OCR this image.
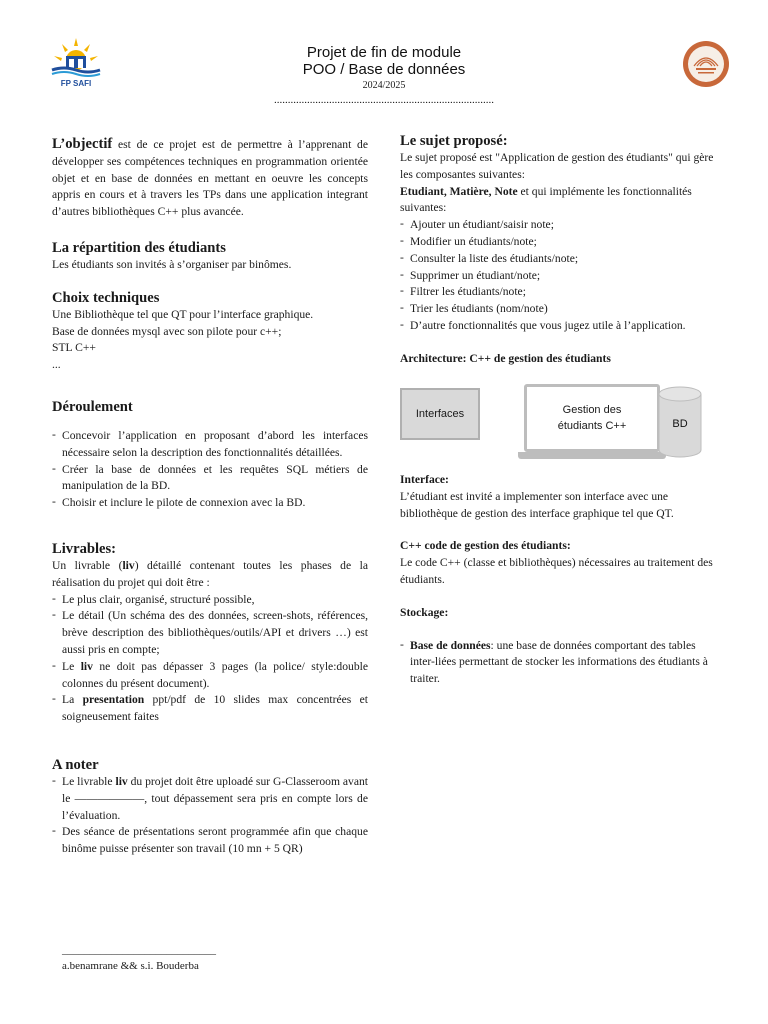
FP SAFI
Projet de fin de module
POO / Base de données
2024/2025
................................................................................
L’objectif est de ce projet est de permettre à l’apprenant de développer ses compétences techniques en programmation orientée objet et en base de données en mettant en oeuvre les concepts appris en cours et à travers les TPs dans une application integrant d’autres bibliothèques C++ plus avancée.
La répartition des étudiants
Les étudiants son invités à s’organiser par binômes.
Choix techniques
Une Bibliothèque tel que QT pour l’interface graphique.
Base de données mysql avec son pilote pour c++;
STL C++
...
Déroulement
- Concevoir l’application en proposant d’abord les interfaces nécessaire selon la description des fonctionnalités détaillées.
- Créer la base de données et les requêtes SQL métiers de manipulation de la BD.
- Choisir et inclure le pilote de connexion avec la BD.
Livrables:
Un livrable (liv) détaillé contenant toutes les phases de la réalisation du projet qui doit être :
- Le plus clair, organisé, structuré possible,
- Le détail (Un schéma des des données, screen-shots, références, brève description des bibliothèques/outils/API et drivers …) est aussi pris en compte;
- Le liv ne doit pas dépasser 3 pages (la police/ style:double colonnes du présent document).
- La presentation ppt/pdf de 10 slides max concentrées et soigneusement faites
A noter
- Le livrable liv du projet doit être uploadé sur G-Classeroom avant le ——————, tout dépassement sera pris en compte lors de l’évaluation.
- Des séance de présentations seront programmée afin que chaque binôme puisse présenter son travail (10 mn + 5 QR)
____________________________
a.benamrane && s.i. Bouderba
Le sujet proposé:
Le sujet proposé est "Application de gestion des étudiants" qui gère les composantes suivantes:
Etudiant, Matière, Note et qui implémente les fonctionnalités suivantes:
- Ajouter un étudiant/saisir note;
- Modifier un étudiants/note;
- Consulter la liste des étudiants/note;
- Supprimer un étudiant/note;
- Filtrer les étudiants/note;
- Trier les étudiants (nom/note)
- D’autre fonctionnalités que vous jugez utile à l’application.
Architecture: C++ de gestion des étudiants
Interfaces	Gestion des
étudiants C++	BD
Interface:
L’étudiant est invité a implementer son interface avec une bibliothèque de gestion des interface graphique tel que QT.
C++ code de gestion des étudiants:
Le code C++ (classe et bibliothèques) nécessaires au traitement des étudiants.
Stockage:
- Base de données: une base de données comportant des tables inter-liées permettant de stocker les informations des étudiants à traiter.
